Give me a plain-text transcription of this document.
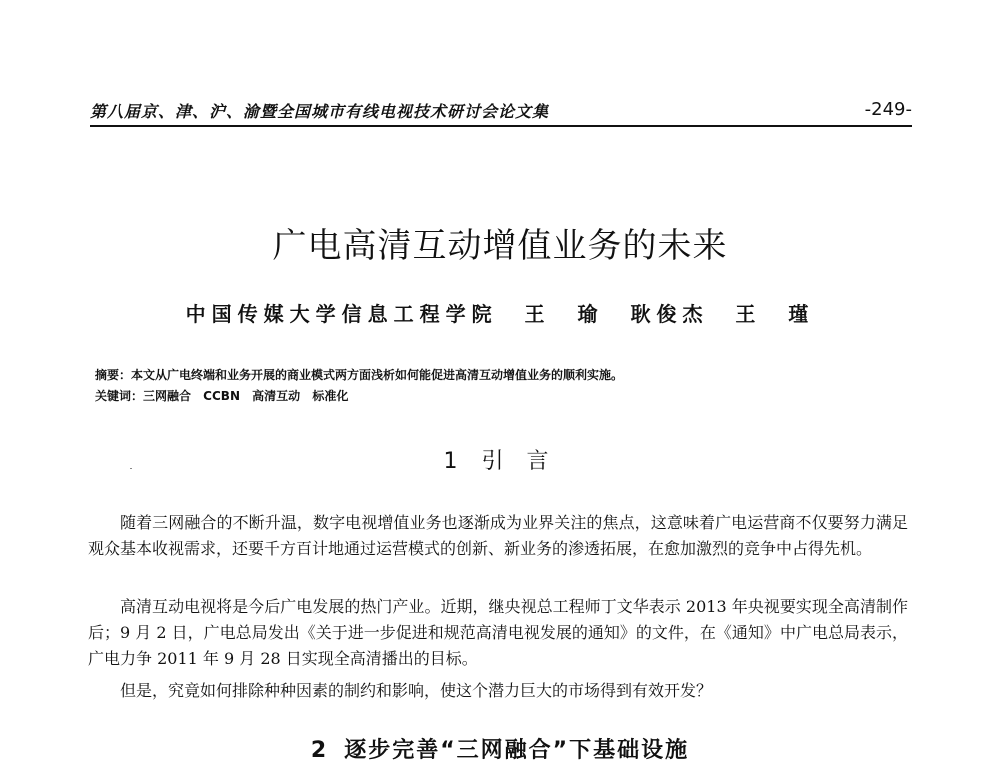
第八届京、津、沪、渝暨全国城市有线电视技术研讨会论文集	-249-
广电高清互动增值业务的未来
中国传媒大学信息工程学院 王 瑜 耿俊杰 王 瑾
摘要：本文从广电终端和业务开展的商业模式两方面浅析如何能促进高清互动增值业务的顺利实施。
关键词：三网融合 CCBN 高清互动 标准化
1 引 言

随着三网融合的不断升温，数字电视增值业务也逐渐成为业界关注的焦点，这意味着广电运营商不仅要努力满足观众基本收视需求，还要千方百计地通过运营模式的创新、新业务的渗透拓展，在愈加激烈的竞争中占得先机。

高清互动电视将是今后广电发展的热门产业。近期，继央视总工程师丁文华表示 2013 年央视要实现全高清制作后；9 月 2 日，广电总局发出《关于进一步促进和规范高清电视发展的通知》的文件，在《通知》中广电总局表示，广电力争 2011 年 9 月 28 日实现全高清播出的目标。

但是，究竟如何排除种种因素的制约和影响，使这个潜力巨大的市场得到有效开发？

2 逐步完善“三网融合”下基础设施
